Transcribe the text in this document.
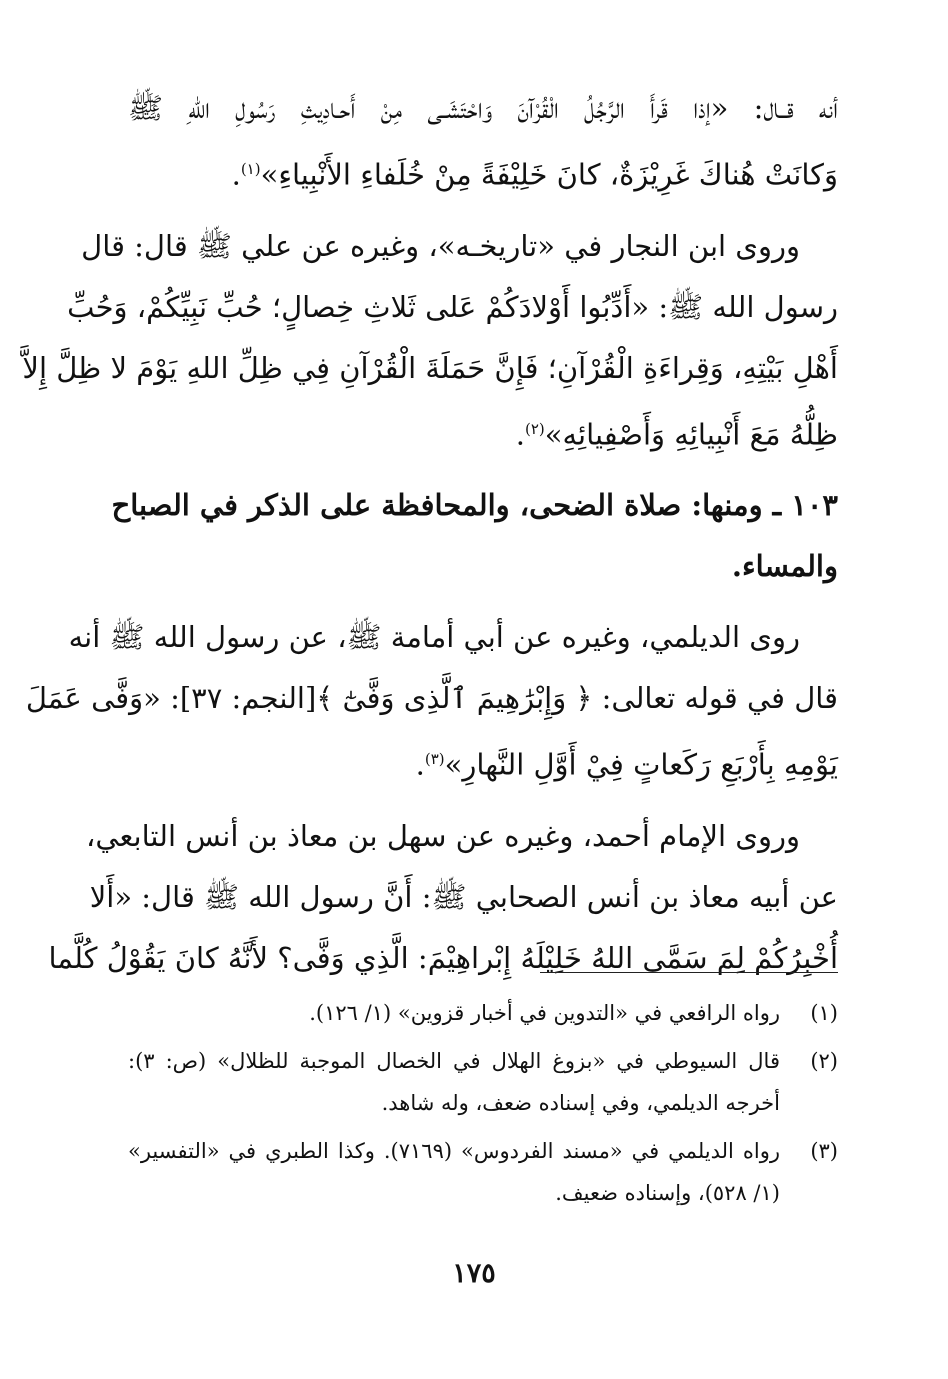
أنه قــال: «إذا قَرأَ الرَّجُلُ الْقُرْآنَ وَاحْتَشَـى مِنْ أَحـادِيثِ رَسُولِ اللهِ ﷺ
وَكانَتْ هُناكَ غَرِيْزَةٌ، كانَ خَلِيْفَةً مِنْ خُلَفاءِ الأَنْبِياءِ»$^{(١)}$.
وروى ابن النجار في «تاريخـه»، وغيره عن علي ﷺ قال: قال
رسول الله ﷺ: «أَدِّبُوا أَوْلادَكُمْ عَلى ثَلاثِ خِصالٍ؛ حُبِّ نَبِيِّكُمْ، وَحُبِّ
أَهْلِ بَيْتِهِ، وَقِراءَةِ الْقُرْآنِ؛ فَإِنَّ حَمَلَةَ الْقُرْآنِ فِي ظِلِّ اللهِ يَوْمَ لا ظِلَّ إِلاَّ
ظِلُّهُ مَعَ أَنْبِيائِهِ وَأَصْفِيائِهِ»$^{(٢)}$.
١٠٣ ـ ومنها: صلاة الضحى، والمحافظة على الذكر في الصباح
والمساء.
روى الديلمي، وغيره عن أبي أمامة ﷺ، عن رسول الله ﷺ أنه
قال في قوله تعالى: ﴿ وَإِبْرَٰهِيمَ ٱلَّذِى وَفَّىٰٓ ﴾[النجم: ٣٧]: «وَفَّى عَمَلَ
يَوْمِهِ بِأَرْبَعِ رَكَعاتٍ فِيْ أَوَّلِ النَّهارِ»$^{(٣)}$.
وروى الإمام أحمد، وغيره عن سهل بن معاذ بن أنس التابعي،
عن أبيه معاذ بن أنس الصحابي ﷺ: أَنَّ رسول الله ﷺ قال: «أَلا
أُخْبِرُكُمْ لِمَ سَمَّى اللهُ خَلِيْلَهُ إِبْراهِيْمَ: الَّذِي وَفَّى؟ لأَنَّهُ كانَ يَقُوْلُ كُلَّما
(١)
رواه الرافعي في «التدوين في أخبار قزوين» (١/ ١٢٦).
(٢)
قال السيوطي في «بزوغ الهلال في الخصال الموجبة للظلال» (ص: ٣):
أخرجه الديلمي، وفي إسناده ضعف، وله شاهد.
(٣)
رواه الديلمي في «مسند الفردوس» (٧١٦٩). وكذا الطبري في «التفسير»
(١/ ٥٢٨)، وإسناده ضعيف.
١٧٥
